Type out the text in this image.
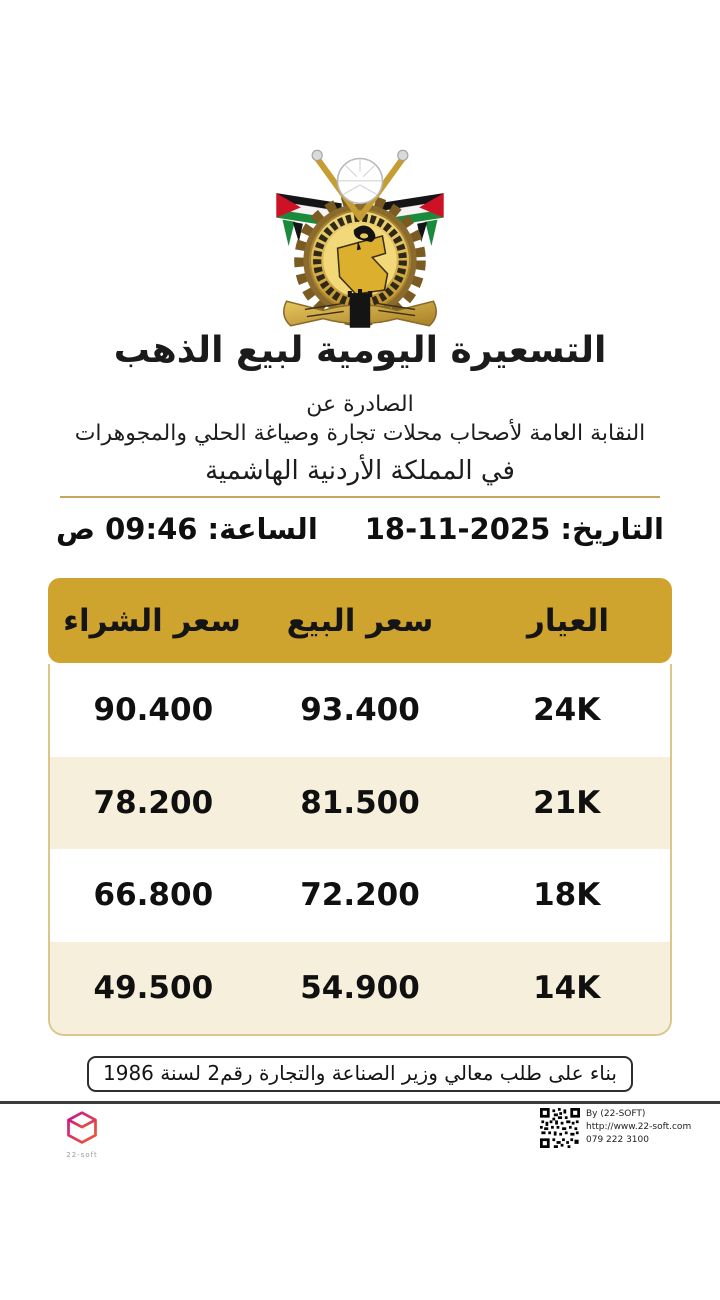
التسعيرة اليومية لبيع الذهب
الصادرة عن
النقابة العامة لأصحاب محلات تجارة وصياغة الحلي والمجوهرات
في المملكة الأردنية الهاشمية
التاريخ: 18-11-2025
الساعة: 09:46 ص
العيار
سعر البيع
سعر الشراء
24K
93.400
90.400
21K
81.500
78.200
18K
72.200
66.800
14K
54.900
49.500
بناء على طلب معالي وزير الصناعة والتجارة رقم2 لسنة 1986
22-soft
By (22-SOFT)
http://www.22-soft.com
079 222 3100
